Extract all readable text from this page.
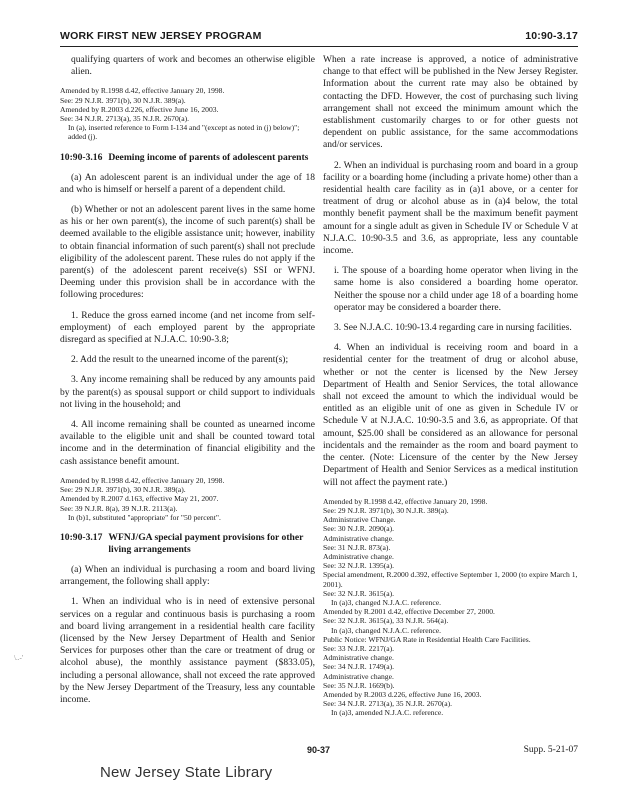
WORK FIRST NEW JERSEY PROGRAM	10:90-3.17

qualifying quarters of work and becomes an otherwise eligible alien.

Amended by R.1998 d.42, effective January 20, 1998.
See: 29 N.J.R. 3971(b), 30 N.J.R. 389(a).
Amended by R.2003 d.226, effective June 16, 2003.
See: 34 N.J.R. 2713(a), 35 N.J.R. 2670(a).
In (a), inserted reference to Form I-134 and "(except as noted in (j) below)"; added (j).
10:90-3.16 Deeming income of parents of adolescent parents

(a) An adolescent parent is an individual under the age of 18 and who is himself or herself a parent of a dependent child.

(b) Whether or not an adolescent parent lives in the same home as his or her own parent(s), the income of such parent(s) shall be deemed available to the eligible assistance unit; however, inability to obtain financial information of such parent(s) shall not preclude eligibility of the adolescent parent. These rules do not apply if the parent(s) of the adolescent parent receive(s) SSI or WFNJ. Deeming under this provision shall be in accordance with the following procedures:

1. Reduce the gross earned income (and net income from self-employment) of each employed parent by the appropriate disregard as specified at N.J.A.C. 10:90-3.8;

2. Add the result to the unearned income of the parent(s);

3. Any income remaining shall be reduced by any amounts paid by the parent(s) as spousal support or child support to individuals not living in the household; and

4. All income remaining shall be counted as unearned income available to the eligible unit and shall be counted toward total income and in the determination of financial eligibility and the cash assistance benefit amount.

Amended by R.1998 d.42, effective January 20, 1998.
See: 29 N.J.R. 3971(b), 30 N.J.R. 389(a).
Amended by R.2007 d.163, effective May 21, 2007.
See: 39 N.J.R. 8(a), 39 N.J.R. 2113(a).
In (b)1, substituted "appropriate" for "50 percent".
10:90-3.17 WFNJ/GA special payment provisions for other living arrangements

(a) When an individual is purchasing a room and board living arrangement, the following shall apply:

1. When an individual who is in need of extensive personal services on a regular and continuous basis is purchasing a room and board living arrangement in a residential health care facility (licensed by the New Jersey Department of Health and Senior Services for purposes other than the care or treatment of drug or alcohol abuse), the monthly assistance payment ($833.05), including a personal allowance, shall not exceed the rate approved by the New Jersey Department of the Treasury, less any countable income.

When a rate increase is approved, a notice of administrative change to that effect will be published in the New Jersey Register. Information about the current rate may also be obtained by contacting the DFD. However, the cost of purchasing such living arrangement shall not exceed the minimum amount which the establishment customarily charges to or for other guests not dependent on public assistance, for the same accommodations and/or services.

2. When an individual is purchasing room and board in a group facility or a boarding home (including a private home) other than a residential health care facility as in (a)1 above, or a center for treatment of drug or alcohol abuse as in (a)4 below, the total monthly benefit payment shall be the maximum benefit payment amount for a single adult as given in Schedule IV or Schedule V at N.J.A.C. 10:90-3.5 and 3.6, as appropriate, less any countable income.

i. The spouse of a boarding home operator when living in the same home is also considered a boarding home operator. Neither the spouse nor a child under age 18 of a boarding home operator may be considered a boarder there.

3. See N.J.A.C. 10:90-13.4 regarding care in nursing facilities.

4. When an individual is receiving room and board in a residential center for the treatment of drug or alcohol abuse, whether or not the center is licensed by the New Jersey Department of Health and Senior Services, the total allowance shall not exceed the amount to which the individual would be entitled as an eligible unit of one as given in Schedule IV or Schedule V at N.J.A.C. 10:90-3.5 and 3.6, as appropriate. Of that amount, $25.00 shall be considered as an allowance for personal incidentals and the remainder as the room and board payment to the center. (Note: Licensure of the center by the New Jersey Department of Health and Senior Services as a medical institution will not affect the payment rate.)

Amended by R.1998 d.42, effective January 20, 1998.
See: 29 N.J.R. 3971(b), 30 N.J.R. 389(a).
Administrative Change.
See: 30 N.J.R. 2090(a).
Administrative change.
See: 31 N.J.R. 873(a).
Administrative change.
See: 32 N.J.R. 1395(a).
Special amendment, R.2000 d.392, effective September 1, 2000 (to expire March 1, 2001).
See: 32 N.J.R. 3615(a).
In (a)3, changed N.J.A.C. reference.
Amended by R.2001 d.42, effective December 27, 2000.
See: 32 N.J.R. 3615(a), 33 N.J.R. 564(a).
In (a)3, changed N.J.A.C. reference.
Public Notice: WFNJ/GA Rate in Residential Health Care Facilities.
See: 33 N.J.R. 2217(a).
Administrative change.
See: 34 N.J.R. 1749(a).
Administrative change.
See: 35 N.J.R. 1669(b).
Amended by R.2003 d.226, effective June 16, 2003.
See: 34 N.J.R. 2713(a), 35 N.J.R. 2670(a).
In (a)3, amended N.J.A.C. reference.
\..-'
90-37	Supp. 5-21-07
New Jersey State Library
